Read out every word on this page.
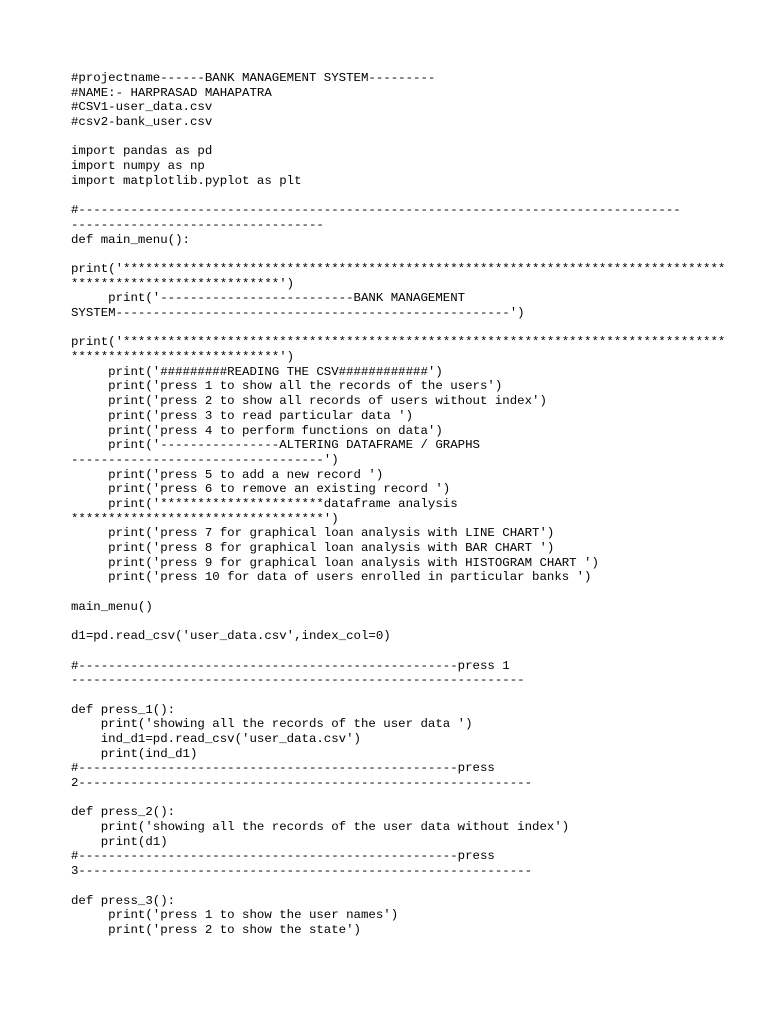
#projectname------BANK MANAGEMENT SYSTEM---------
#NAME:- HARPRASAD MAHAPATRA
#CSV1-user_data.csv
#csv2-bank_user.csv
import pandas as pd
import numpy as np
import matplotlib.pyplot as plt
#---------------------------------------------------------------------------------
----------------------------------
def main_menu():
print('*********************************************************************************
****************************')
print('--------------------------BANK MANAGEMENT
SYSTEM-----------------------------------------------------')
print('*********************************************************************************
****************************')
print('#########READING THE CSV############')
print('press 1 to show all the records of the users')
print('press 2 to show all records of users without index')
print('press 3 to read particular data ')
print('press 4 to perform functions on data')
print('----------------ALTERING DATAFRAME / GRAPHS
----------------------------------')
print('press 5 to add a new record ')
print('press 6 to remove an existing record ')
print('**********************dataframe analysis
**********************************')
print('press 7 for graphical loan analysis with LINE CHART')
print('press 8 for graphical loan analysis with BAR CHART ')
print('press 9 for graphical loan analysis with HISTOGRAM CHART ')
print('press 10 for data of users enrolled in particular banks ')
main_menu()
d1=pd.read_csv('user_data.csv',index_col=0)
#---------------------------------------------------press 1
-------------------------------------------------------------
def press_1():
print('showing all the records of the user data ')
ind_d1=pd.read_csv('user_data.csv')
print(ind_d1)
#---------------------------------------------------press
2-------------------------------------------------------------
def press_2():
print('showing all the records of the user data without index')
print(d1)
#---------------------------------------------------press
3-------------------------------------------------------------
def press_3():
print('press 1 to show the user names')
print('press 2 to show the state')
